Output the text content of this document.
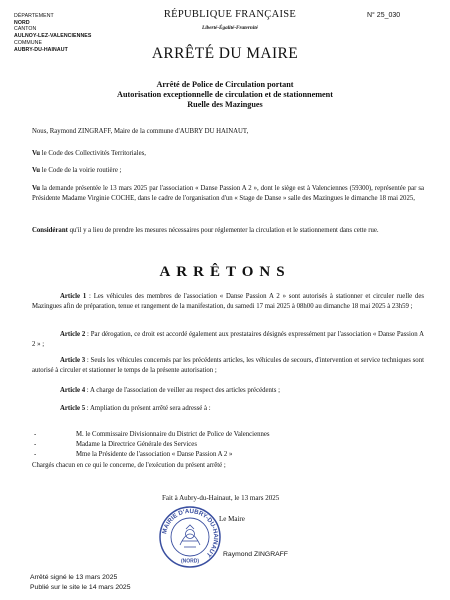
DÉPARTEMENT
NORD
CANTON
AULNOY-LEZ-VALENCIENNES
COMMUNE
AUBRY-DU-HAINAUT
RÉPUBLIQUE FRANÇAISE
Liberté-Égalité-Fraternité
N° 25_030
ARRÊTÉ DU MAIRE
Arrêté de Police de Circulation portant
Autorisation exceptionnelle de circulation et de stationnement
Ruelle des Mazingues
Nous, Raymond ZINGRAFF, Maire de la commune d'AUBRY DU HAINAUT,
Vu le Code des Collectivités Territoriales,
Vu le Code de la voirie routière ;
Vu la demande présentée le 13 mars 2025 par l'association « Danse Passion A 2 », dont le siège est à Valenciennes (59300), représentée par sa Présidente Madame Virginie COCHE, dans le cadre de l'organisation d'un « Stage de Danse » salle des Mazingues le dimanche 18 mai 2025,
Considérant qu'il y a lieu de prendre les mesures nécessaires pour réglementer la circulation et le stationnement dans cette rue.
ARRÊTONS
Article 1 : Les véhicules des membres de l'association « Danse Passion A 2 » sont autorisés à stationner et circuler ruelle des Mazingues afin de préparation, tenue et rangement de la manifestation, du samedi 17 mai 2025 à 08h00 au dimanche 18 mai 2025 à 23h59 ;
Article 2 : Par dérogation, ce droit est accordé également aux prestataires désignés expressément par l'association « Danse Passion A 2 » ;
Article 3 : Seuls les véhicules concernés par les précédents articles, les véhicules de secours, d'intervention et service techniques sont autorisé à circuler et stationner le temps de la présente autorisation ;
Article 4 : A charge de l'association de veiller au respect des articles précédents ;
Article 5 : Ampliation du présent arrêté sera adressé à :
-	M. le Commissaire Divisionnaire du District de Police de Valenciennes
-	Madame la Directrice Générale des Services
-	Mme la Présidente de l'association « Danse Passion A 2 »
Chargés chacun en ce qui le concerne, de l'exécution du présent arrêté ;
Fait à Aubry-du-Hainaut, le 13 mars 2025
Le Maire
MAIRIE D'AUBRY-DU-HAINAUT
(NORD)
Raymond ZINGRAFF
Arrêté signé le 13 mars 2025
Publié sur le site le 14 mars 2025
